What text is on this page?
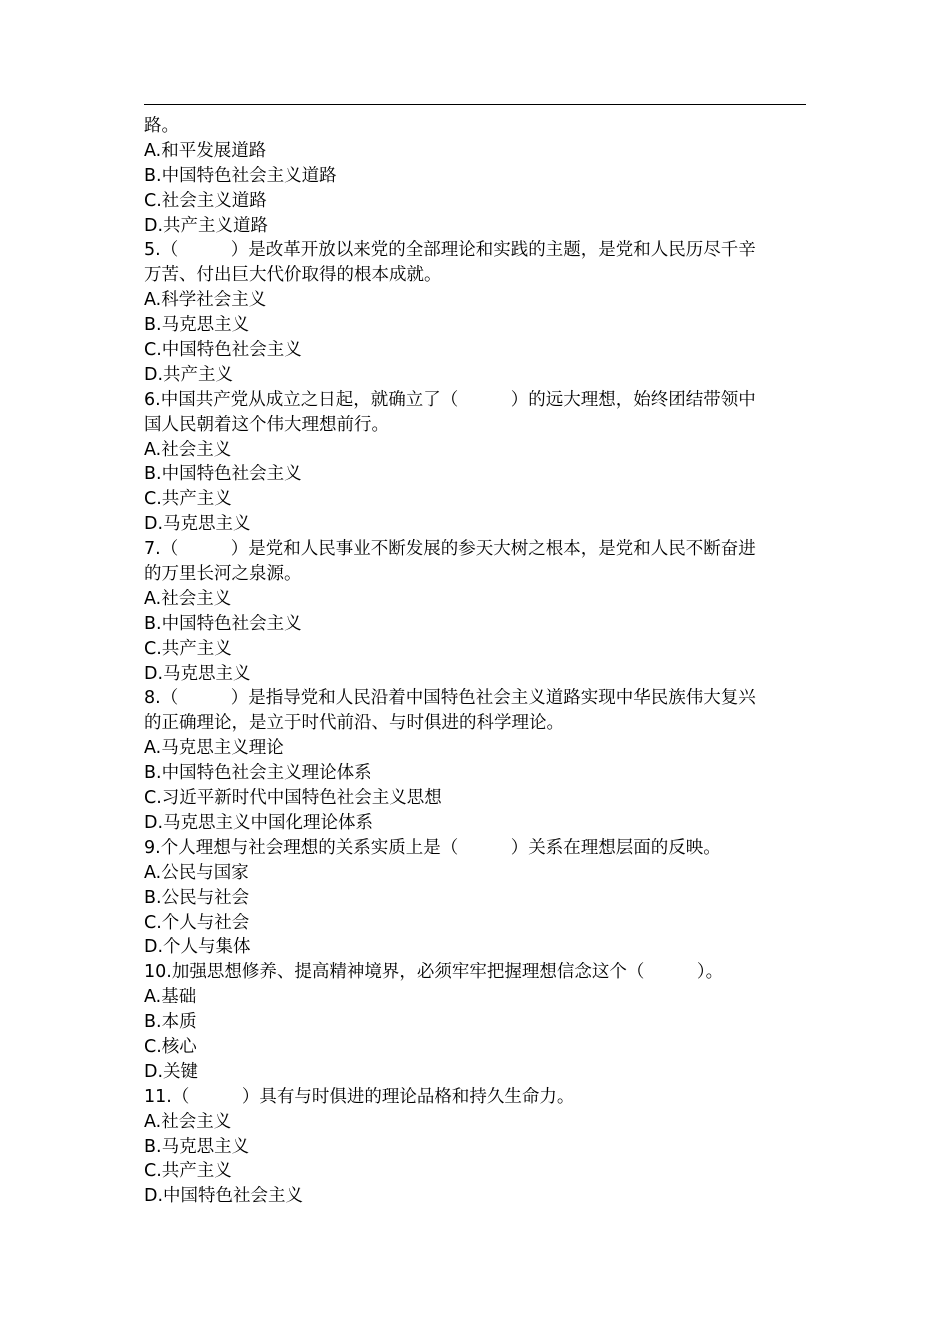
路。
A.和平发展道路
B.中国特色社会主义道路
C.社会主义道路
D.共产主义道路
5.（　　　）是改革开放以来党的全部理论和实践的主题，是党和人民历尽千辛
万苦、付出巨大代价取得的根本成就。
A.科学社会主义
B.马克思主义
C.中国特色社会主义
D.共产主义
6.中国共产党从成立之日起，就确立了（　　　）的远大理想，始终团结带领中
国人民朝着这个伟大理想前行。
A.社会主义
B.中国特色社会主义
C.共产主义
D.马克思主义
7.（　　　）是党和人民事业不断发展的参天大树之根本，是党和人民不断奋进
的万里长河之泉源。
A.社会主义
B.中国特色社会主义
C.共产主义
D.马克思主义
8.（　　　）是指导党和人民沿着中国特色社会主义道路实现中华民族伟大复兴
的正确理论，是立于时代前沿、与时俱进的科学理论。
A.马克思主义理论
B.中国特色社会主义理论体系
C.习近平新时代中国特色社会主义思想
D.马克思主义中国化理论体系
9.个人理想与社会理想的关系实质上是（　　　）关系在理想层面的反映。
A.公民与国家
B.公民与社会
C.个人与社会
D.个人与集体
10.加强思想修养、提高精神境界，必须牢牢把握理想信念这个（　　　）。
A.基础
B.本质
C.核心
D.关键
11.（　　　）具有与时俱进的理论品格和持久生命力。
A.社会主义
B.马克思主义
C.共产主义
D.中国特色社会主义
